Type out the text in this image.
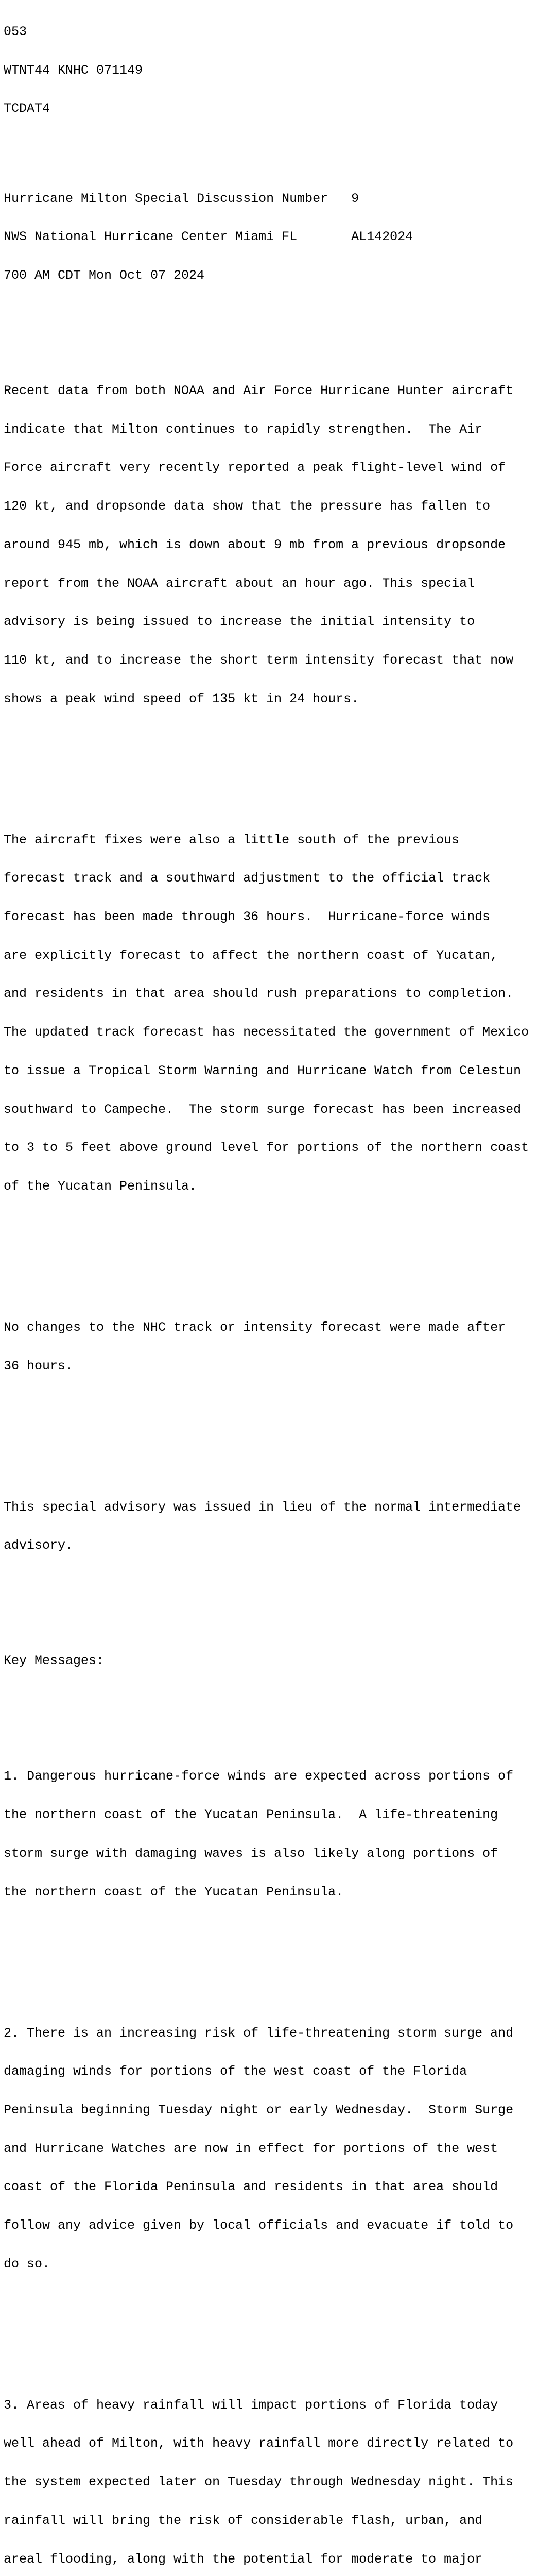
053

WTNT44 KNHC 071149

TCDAT4

Hurricane Milton Special Discussion Number   9

NWS National Hurricane Center Miami FL       AL142024

700 AM CDT Mon Oct 07 2024

Recent data from both NOAA and Air Force Hurricane Hunter aircraft

indicate that Milton continues to rapidly strengthen.  The Air

Force aircraft very recently reported a peak flight-level wind of

120 kt, and dropsonde data show that the pressure has fallen to

around 945 mb, which is down about 9 mb from a previous dropsonde

report from the NOAA aircraft about an hour ago. This special

advisory is being issued to increase the initial intensity to

110 kt, and to increase the short term intensity forecast that now

shows a peak wind speed of 135 kt in 24 hours.

The aircraft fixes were also a little south of the previous

forecast track and a southward adjustment to the official track

forecast has been made through 36 hours.  Hurricane-force winds

are explicitly forecast to affect the northern coast of Yucatan,

and residents in that area should rush preparations to completion.

The updated track forecast has necessitated the government of Mexico

to issue a Tropical Storm Warning and Hurricane Watch from Celestun

southward to Campeche.  The storm surge forecast has been increased

to 3 to 5 feet above ground level for portions of the northern coast

of the Yucatan Peninsula.

No changes to the NHC track or intensity forecast were made after

36 hours.

This special advisory was issued in lieu of the normal intermediate

advisory.

Key Messages:

1. Dangerous hurricane-force winds are expected across portions of

the northern coast of the Yucatan Peninsula.  A life-threatening

storm surge with damaging waves is also likely along portions of

the northern coast of the Yucatan Peninsula.

2. There is an increasing risk of life-threatening storm surge and

damaging winds for portions of the west coast of the Florida

Peninsula beginning Tuesday night or early Wednesday.  Storm Surge

and Hurricane Watches are now in effect for portions of the west

coast of the Florida Peninsula and residents in that area should

follow any advice given by local officials and evacuate if told to

do so.

3. Areas of heavy rainfall will impact portions of Florida today

well ahead of Milton, with heavy rainfall more directly related to

the system expected later on Tuesday through Wednesday night. This

rainfall will bring the risk of considerable flash, urban, and

areal flooding, along with the potential for moderate to major
